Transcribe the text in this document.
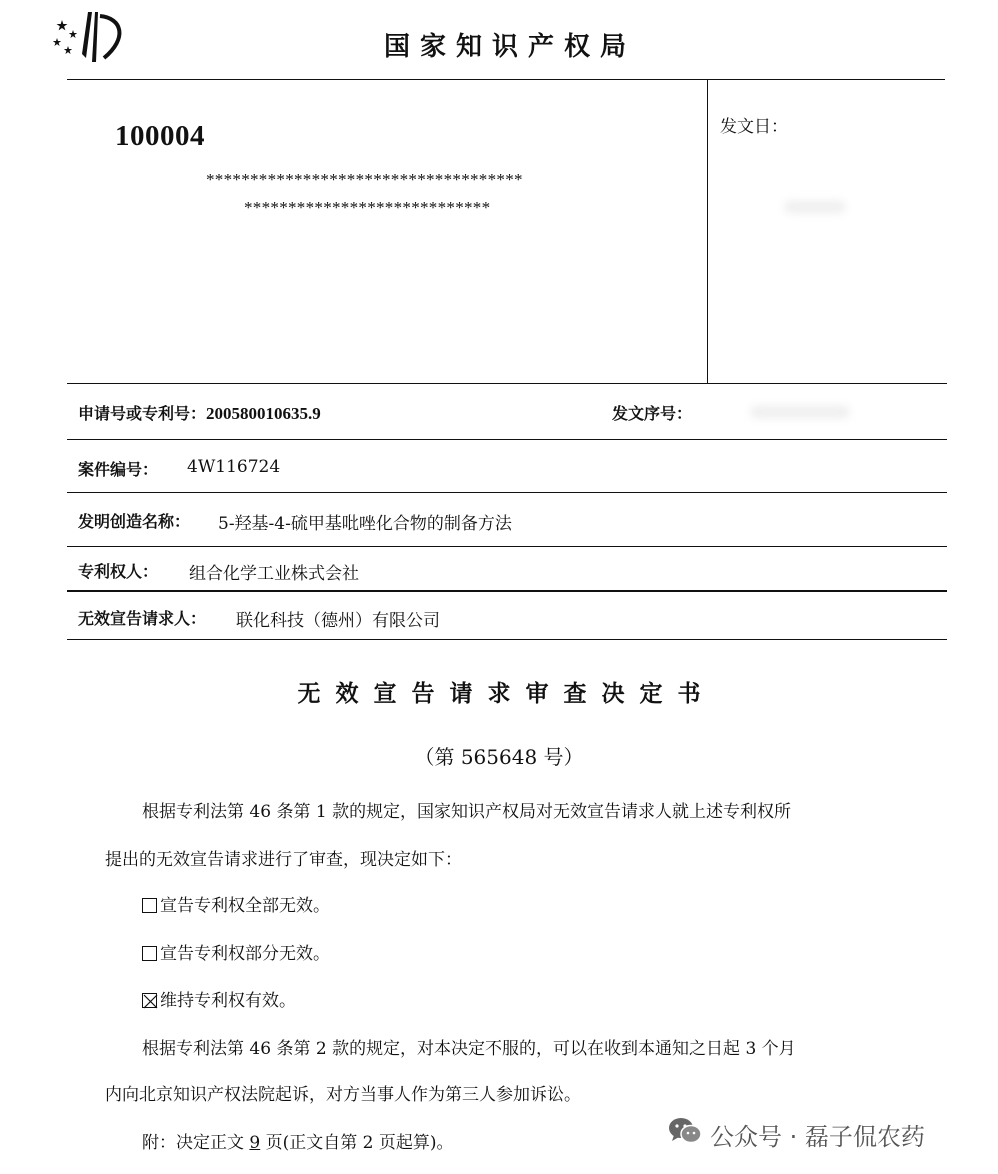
国家知识产权局
100004
************************************
****************************
发文日：
申请号或专利号：200580010635.9	发文序号：
案件编号： 4W116724
发明创造名称： 5-羟基-4-硫甲基吡唑化合物的制备方法
专利权人： 组合化学工业株式会社
无效宣告请求人： 联化科技（德州）有限公司
无效宣告请求审查决定书
（第 565648 号）
根据专利法第 46 条第 1 款的规定，国家知识产权局对无效宣告请求人就上述专利权所
提出的无效宣告请求进行了审查，现决定如下：
宣告专利权全部无效。
宣告专利权部分无效。
维持专利权有效。
根据专利法第 46 条第 2 款的规定，对本决定不服的，可以在收到本通知之日起 3 个月
内向北京知识产权法院起诉，对方当事人作为第三人参加诉讼。
附：决定正文 9 页(正文自第 2 页起算)。	公众号 · 磊子侃农药
